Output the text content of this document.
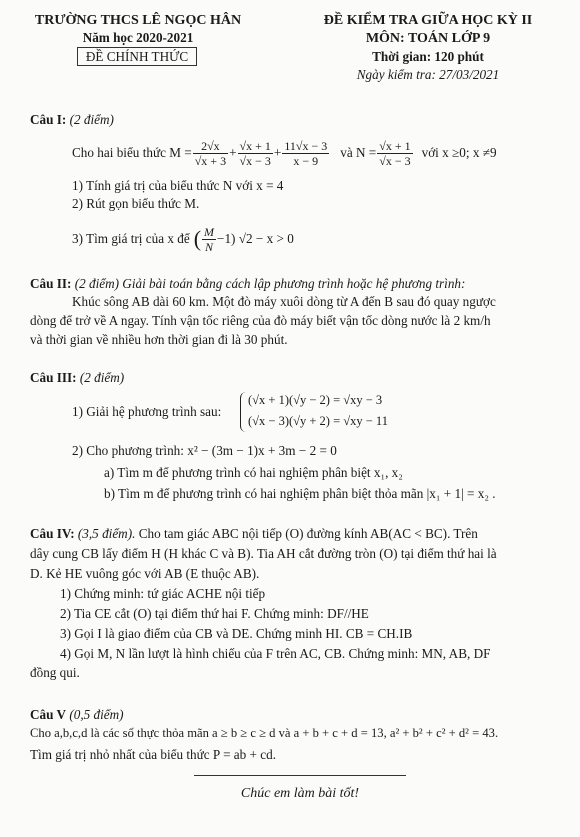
TRƯỜNG THCS LÊ NGỌC HÂN
Năm học 2020-2021
ĐỀ CHÍNH THỨC
ĐỀ KIỂM TRA GIỮA HỌC KỲ II
MÔN: TOÁN LỚP 9
Thời gian: 120 phút
Ngày kiểm tra: 27/03/2021
Câu I: (2 điểm)
Cho hai biểu thức $M = \frac{2√x}{√x + 3} + \frac{√x + 1}{√x - 3} + \frac{11√x - 3}{x - 9}$ và $N = \frac{√x + 1}{√x - 3}$ với x ≥0; x ≠9
1) Tính giá trị của biểu thức N với x = 4
2) Rút gọn biểu thức M.
3) Tìm giá trị của x để ( $\frac{M}{N} -1$) √2 − x > 0
Câu II: (2 điểm) Giải bài toán bằng cách lập phương trình hoặc hệ phương trình:
Khúc sông AB dài 60 km. Một đò máy xuôi dòng từ A đến B sau đó quay ngược
dòng để trở về A ngay. Tính vận tốc riêng của đò máy biết vận tốc dòng nước là 2 km/h
và thời gian về nhiều hơn thời gian đi là 30 phút.
Câu III: (2 điểm)
1) Giải hệ phương trình sau:
(√x + 1)(√y − 2) = √xy − 3
(√x − 3)(√y + 2) = √xy − 11
2) Cho phương trình: x² − (3m − 1)x + 3m − 2 = 0
a) Tìm m để phương trình có hai nghiệm phân biệt x₁, x₂
b) Tìm m để phương trình có hai nghiệm phân biệt thỏa mãn |x₁ + 1| = x₂ .
Câu IV: (3,5 điểm). Cho tam giác ABC nội tiếp (O) đường kính AB(AC < BC). Trên
dây cung CB lấy điểm H (H khác C và B). Tia AH cắt đường tròn (O) tại điểm thứ hai là
D. Kẻ HE vuông góc với AB (E thuộc AB).
1) Chứng minh: tứ giác ACHE nội tiếp
2) Tia CE cắt (O) tại điểm thứ hai F. Chứng minh: DF//HE
3) Gọi I là giao điểm của CB và DE. Chứng minh HI. CB = CH.IB
4) Gọi M, N lần lượt là hình chiếu của F trên AC, CB. Chứng minh: MN, AB, DF
đồng qui.
Câu V (0,5 điểm)
Cho a,b,c,d là các số thực thỏa mãn a ≥ b ≥ c ≥ d và a + b + c + d = 13, a² + b² + c² + d² = 43.
Tìm giá trị nhỏ nhất của biểu thức P = ab + cd.
Chúc em làm bài tốt!
